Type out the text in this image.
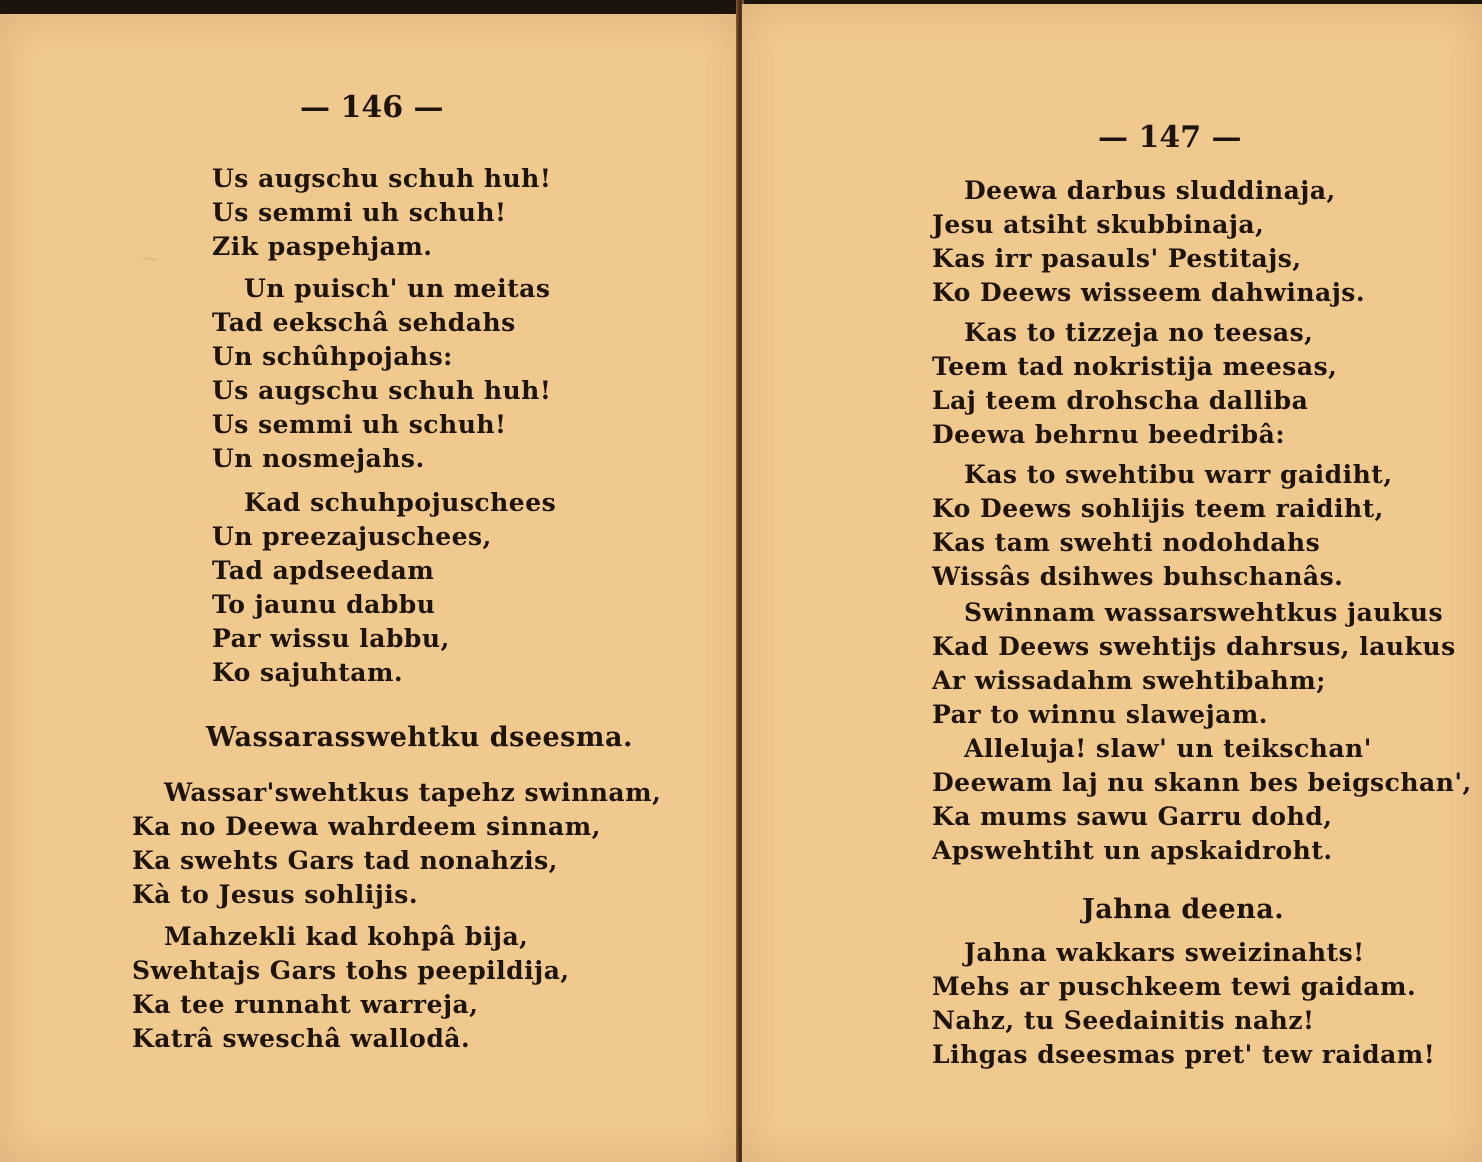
~
— 146 —
Us augschu schuh huh!
Us semmi uh schuh!
Zik paspehjam.
Un puisch' un meitas
Tad eekschâ sehdahs
Un schûhpojahs:
Us augschu schuh huh!
Us semmi uh schuh!
Un nosmejahs.
Kad schuhpojuschees
Un preezajuschees,
Tad apdseedam
To jaunu dabbu
Par wissu labbu,
Ko sajuhtam.
Wassarasswehtku dseesma.
Wassar'swehtkus tapehz swinnam,
Ka no Deewa wahrdeem sinnam,
Ka swehts Gars tad nonahzis,
Kà to Jesus sohlijis.
Mahzekli kad kohpâ bija,
Swehtajs Gars tohs peepildija,
Ka tee runnaht warreja,
Katrâ sweschâ wallodâ.
— 147 —
Deewa darbus sluddinaja,
Jesu atsiht skubbinaja,
Kas irr pasauls' Pestitajs,
Ko Deews wisseem dahwinajs.
Kas to tizzeja no teesas,
Teem tad nokristija meesas,
Laj teem drohscha dalliba
Deewa behrnu beedribâ:
Kas to swehtibu warr gaidiht,
Ko Deews sohlijis teem raidiht,
Kas tam swehti nodohdahs
Wissâs dsihwes buhschanâs.
Swinnam wassarswehtkus jaukus
Kad Deews swehtijs dahrsus, laukus
Ar wissadahm swehtibahm;
Par to winnu slawejam.
Alleluja! slaw' un teikschan'
Deewam laj nu skann bes beigschan',
Ka mums sawu Garru dohd,
Apswehtiht un apskaidroht.
Jahna deena.
Jahna wakkars sweizinahts!
Mehs ar puschkeem tewi gaidam.
Nahz, tu Seedainitis nahz!
Lihgas dseesmas pret' tew raidam!
